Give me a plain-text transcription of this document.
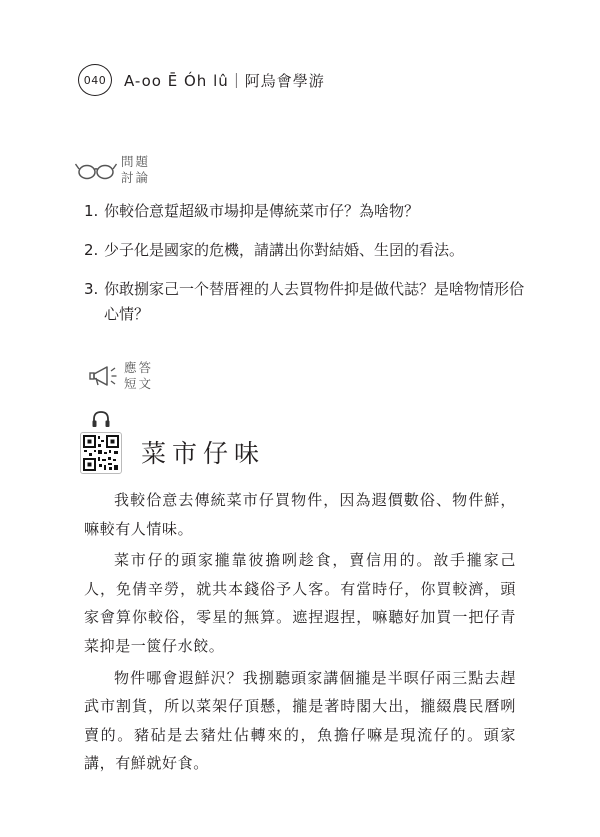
040	A-oo Ē Óh lû｜阿烏會學游
問題
討論
1. 你較佮意踅超級市場抑是傳統菜市仔？為啥物？
2. 少子化是國家的危機，請講出你對結婚、生囝的看法。
3. 你敢捌家己一个替厝裡的人去買物件抑是做代誌？是啥物情形佮心情？
應答
短文
菜市仔味

我較佮意去傳統菜市仔買物件，因為遐價數俗、物件鮮，嘛較有人情味。

菜市仔的頭家攏靠彼擔咧趁食，賣信用的。敨手攏家己人，免倩辛勞，就共本錢俗予人客。有當時仔，你買較濟，頭家會算你較俗，零星的無算。遮捏遐捏，嘛聽好加買一把仔青菜抑是一篋仔水餃。

物件哪會遐鮮沢？我捌聽頭家講個攏是半暝仔兩三點去趕武市割貨，所以菜架仔頂懸，攏是著時閣大出，攏綴農民曆咧賣的。豬砧是去豬灶佔轉來的，魚擔仔嘛是現流仔的。頭家講，有鮮就好食。
